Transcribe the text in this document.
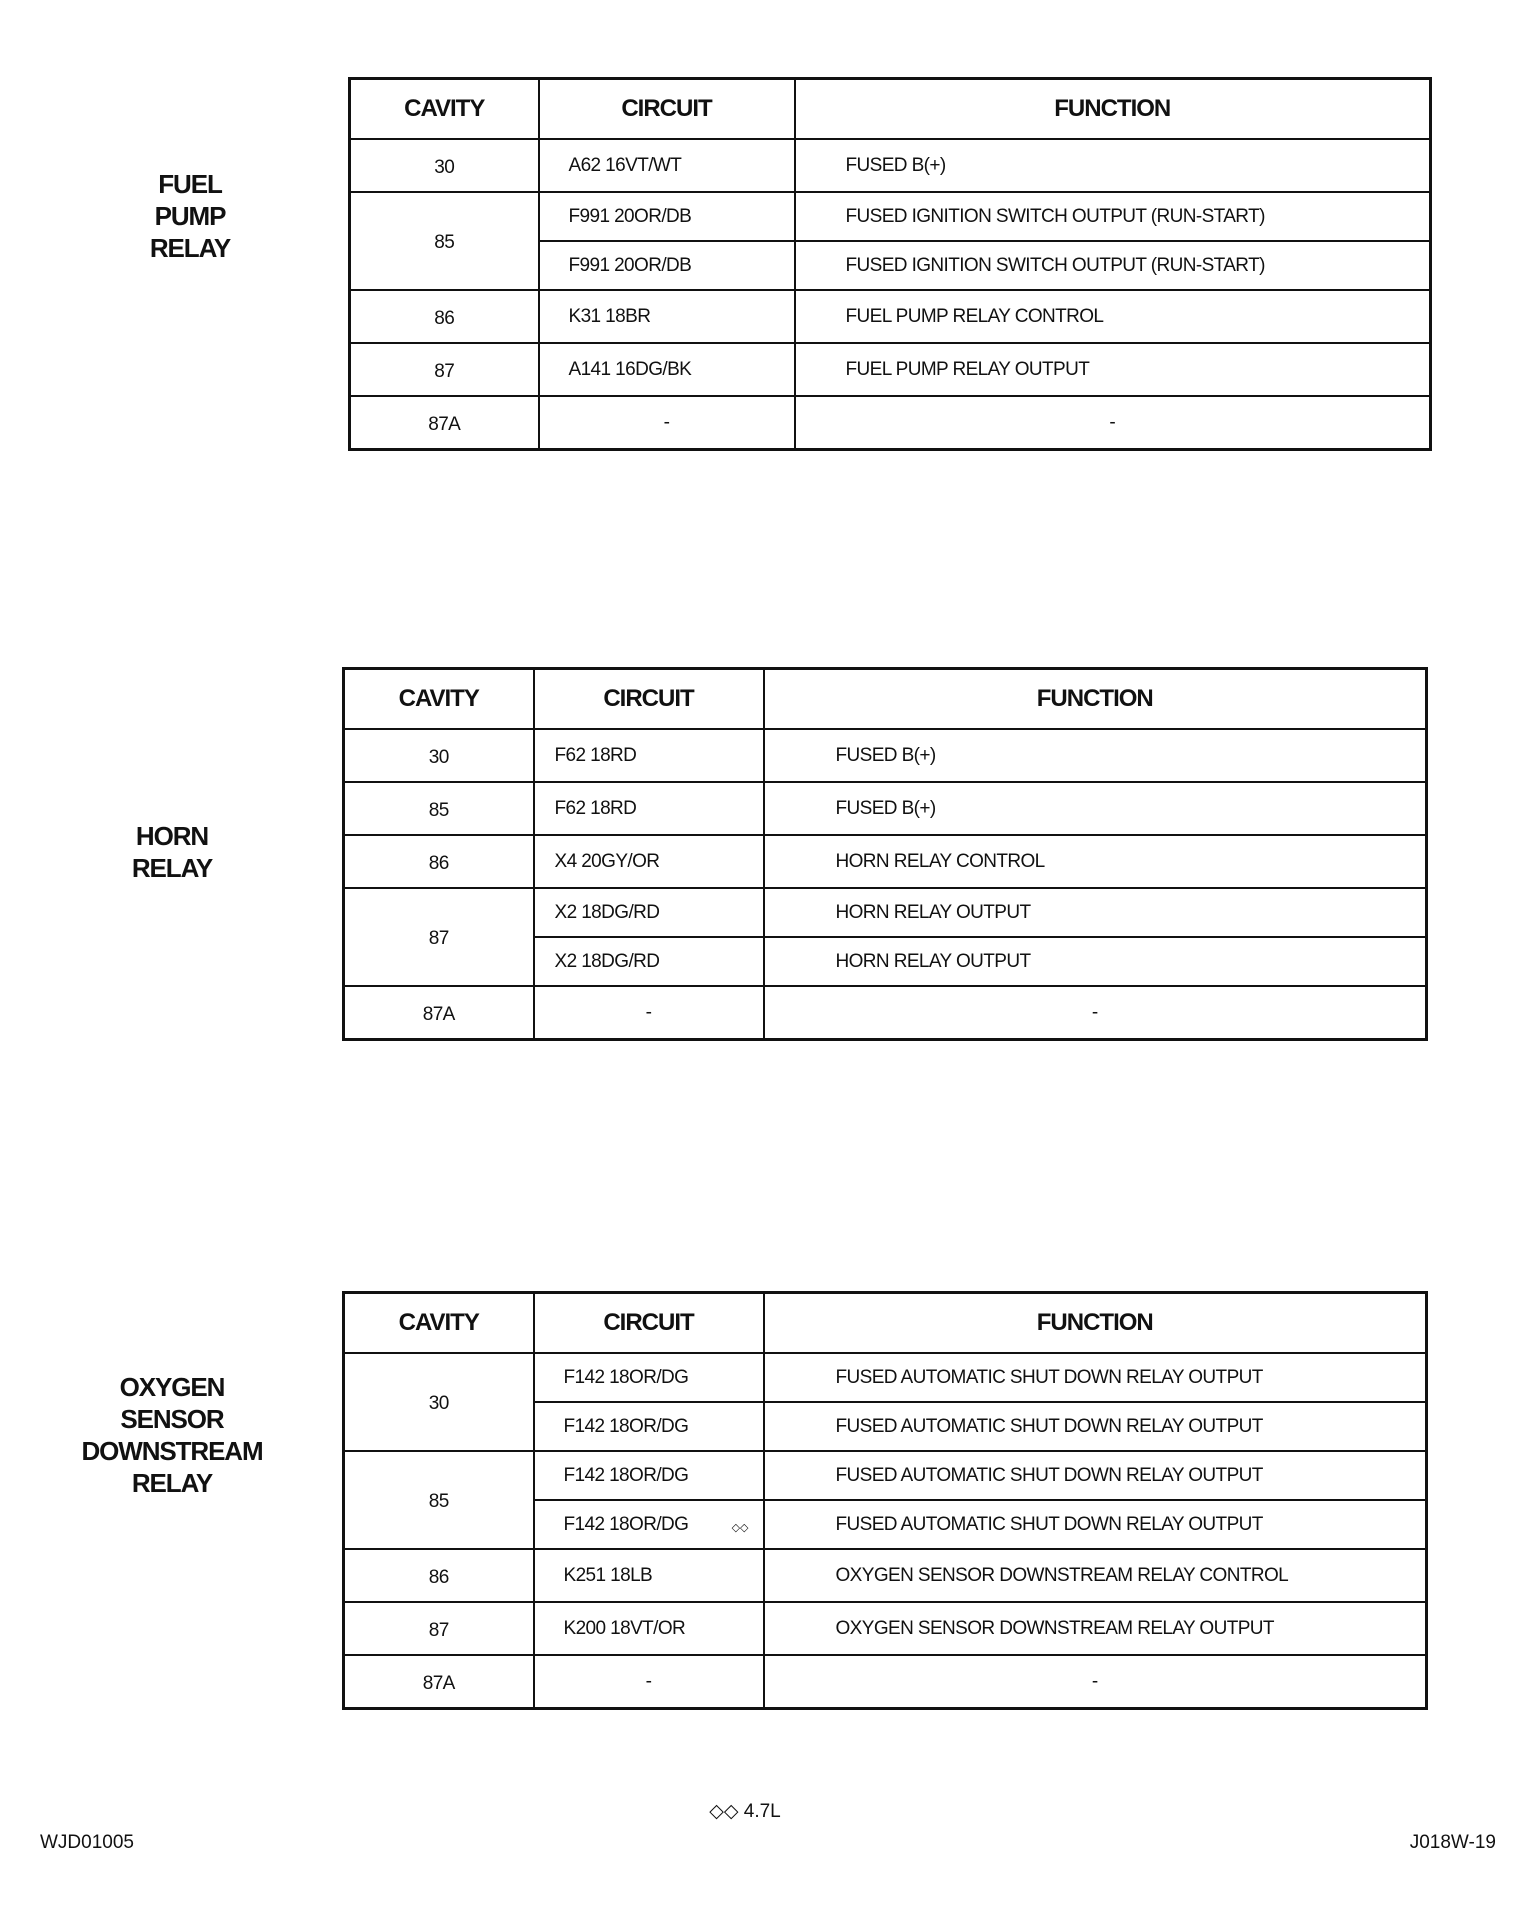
FUEL
PUMP
RELAY
HORN
RELAY
OXYGEN
SENSOR
DOWNSTREAM
RELAY
CAVITY	CIRCUIT	FUNCTION
30	A62 16VT/WT	FUSED B(+)
85	F991 20OR/DB	FUSED IGNITION SWITCH OUTPUT (RUN-START)
	F991 20OR/DB	FUSED IGNITION SWITCH OUTPUT (RUN-START)
86	K31 18BR	FUEL PUMP RELAY CONTROL
87	A141 16DG/BK	FUEL PUMP RELAY OUTPUT
87A	-	-
CAVITY	CIRCUIT	FUNCTION
30	F62 18RD	FUSED B(+)
85	F62 18RD	FUSED B(+)
86	X4 20GY/OR	HORN RELAY CONTROL
87	X2 18DG/RD	HORN RELAY OUTPUT
	X2 18DG/RD	HORN RELAY OUTPUT
87A	-	-
CAVITY	CIRCUIT	FUNCTION
30	F142 18OR/DG	FUSED AUTOMATIC SHUT DOWN RELAY OUTPUT
	F142 18OR/DG	FUSED AUTOMATIC SHUT DOWN RELAY OUTPUT
85	F142 18OR/DG	FUSED AUTOMATIC SHUT DOWN RELAY OUTPUT
	F142 18OR/DG ◇◇	FUSED AUTOMATIC SHUT DOWN RELAY OUTPUT
86	K251 18LB	OXYGEN SENSOR DOWNSTREAM RELAY CONTROL
87	K200 18VT/OR	OXYGEN SENSOR DOWNSTREAM RELAY OUTPUT
87A	-	-
◇◇ 4.7L
WJD01005	J018W-19
